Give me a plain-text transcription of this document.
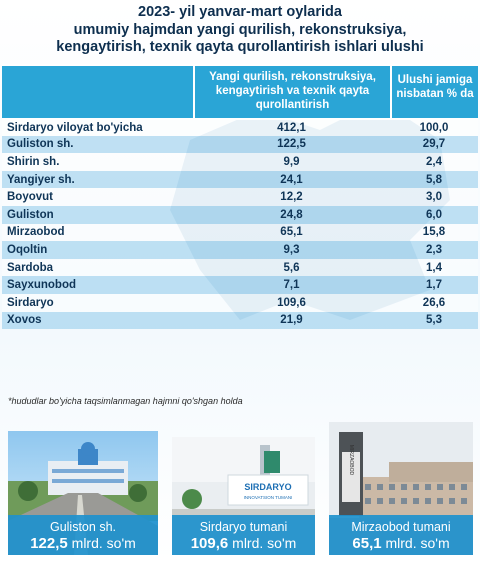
2023- yil yanvar-mart oylarida
umumiy hajmdan yangi qurilish, rekonstruksiya,
kengaytirish, texnik qayta qurollantirish ishlari ulushi
Yangi qurilish, rekonstruksiya, kengaytirish va texnik qayta qurollantirish
Ulushi jamiga nisbatan % da
Sirdaryo viloyat bo'yicha	412,1	100,0
Guliston sh.	122,5	29,7
Shirin sh.	9,9	2,4
Yangiyer sh.	24,1	5,8
Boyovut	12,2	3,0
Guliston	24,8	6,0
Mirzaobod	65,1	15,8
Oqoltin	9,3	2,3
Sardoba	5,6	1,4
Sayxunobod	7,1	1,7
Sirdaryo	109,6	26,6
Xovos	21,9	5,3
*hududlar bo'yicha taqsimlanmagan hajmni qo'shgan holda
Guliston sh.
122,5 mlrd. so'm
SIRDARYO
INNOVATSION TUMANI
Sirdaryo tumani
109,6 mlrd. so'm
MIRZAOBOD
Mirzaobod tumani
65,1 mlrd. so'm
